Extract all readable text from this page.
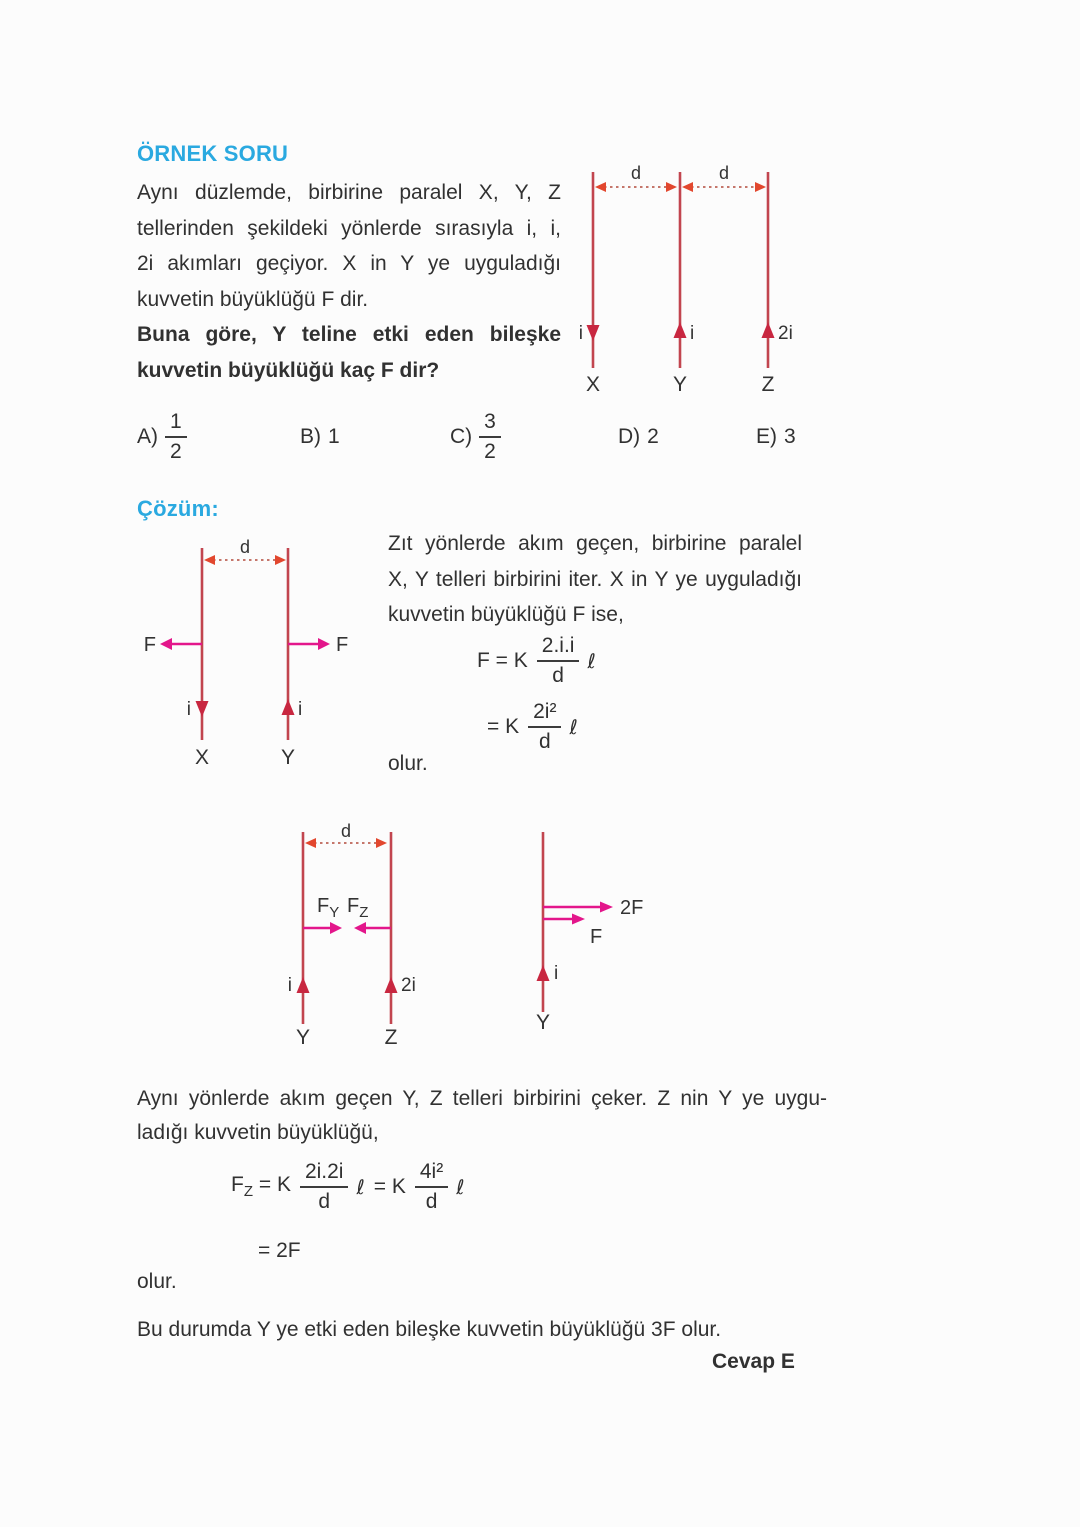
ÖRNEK SORU
Aynı düzlemde, birbirine paralel X, Y, Z
tellerinden şekildeki yönlerde sırasıyla i, i,
2i akımları geçiyor. X in Y ye uyguladığı
kuvvetin büyüklüğü F dir.
Buna göre, Y teline etki eden bileşke
kuvvetin büyüklüğü kaç F dir?
d	d
i	i	2i
X	Y	Z
$A) \frac{1}{2}$	B) 1	$C) \frac{3}{2}$	D) 2	E) 3
Çözüm:
d
F	F
i	i
X	Y
Zıt yönlerde akım geçen, birbirine paralel
X, Y telleri birbirini iter. X in Y ye uyguladığı
kuvvetin büyüklüğü F ise,
F = K $\frac{2.i.i}{d}$ ℓ
= K $\frac{\text{2i²}}{d}$ ℓ
olur.
d
$F_Y$ $F_Z$
i	2i
Y	Z
2F
F
i
Y
Aynı yönlerde akım geçen Y, Z telleri birbirini çeker. Z nin Y ye uygu-
ladığı kuvvetin büyüklüğü,
$F_Z = K \frac{2i.2i}{d}$ ℓ = K $\frac{\text{4i²}}{d}$ ℓ
= 2F
olur.
Bu durumda Y ye etki eden bileşke kuvvetin büyüklüğü 3F olur.
Cevap E
